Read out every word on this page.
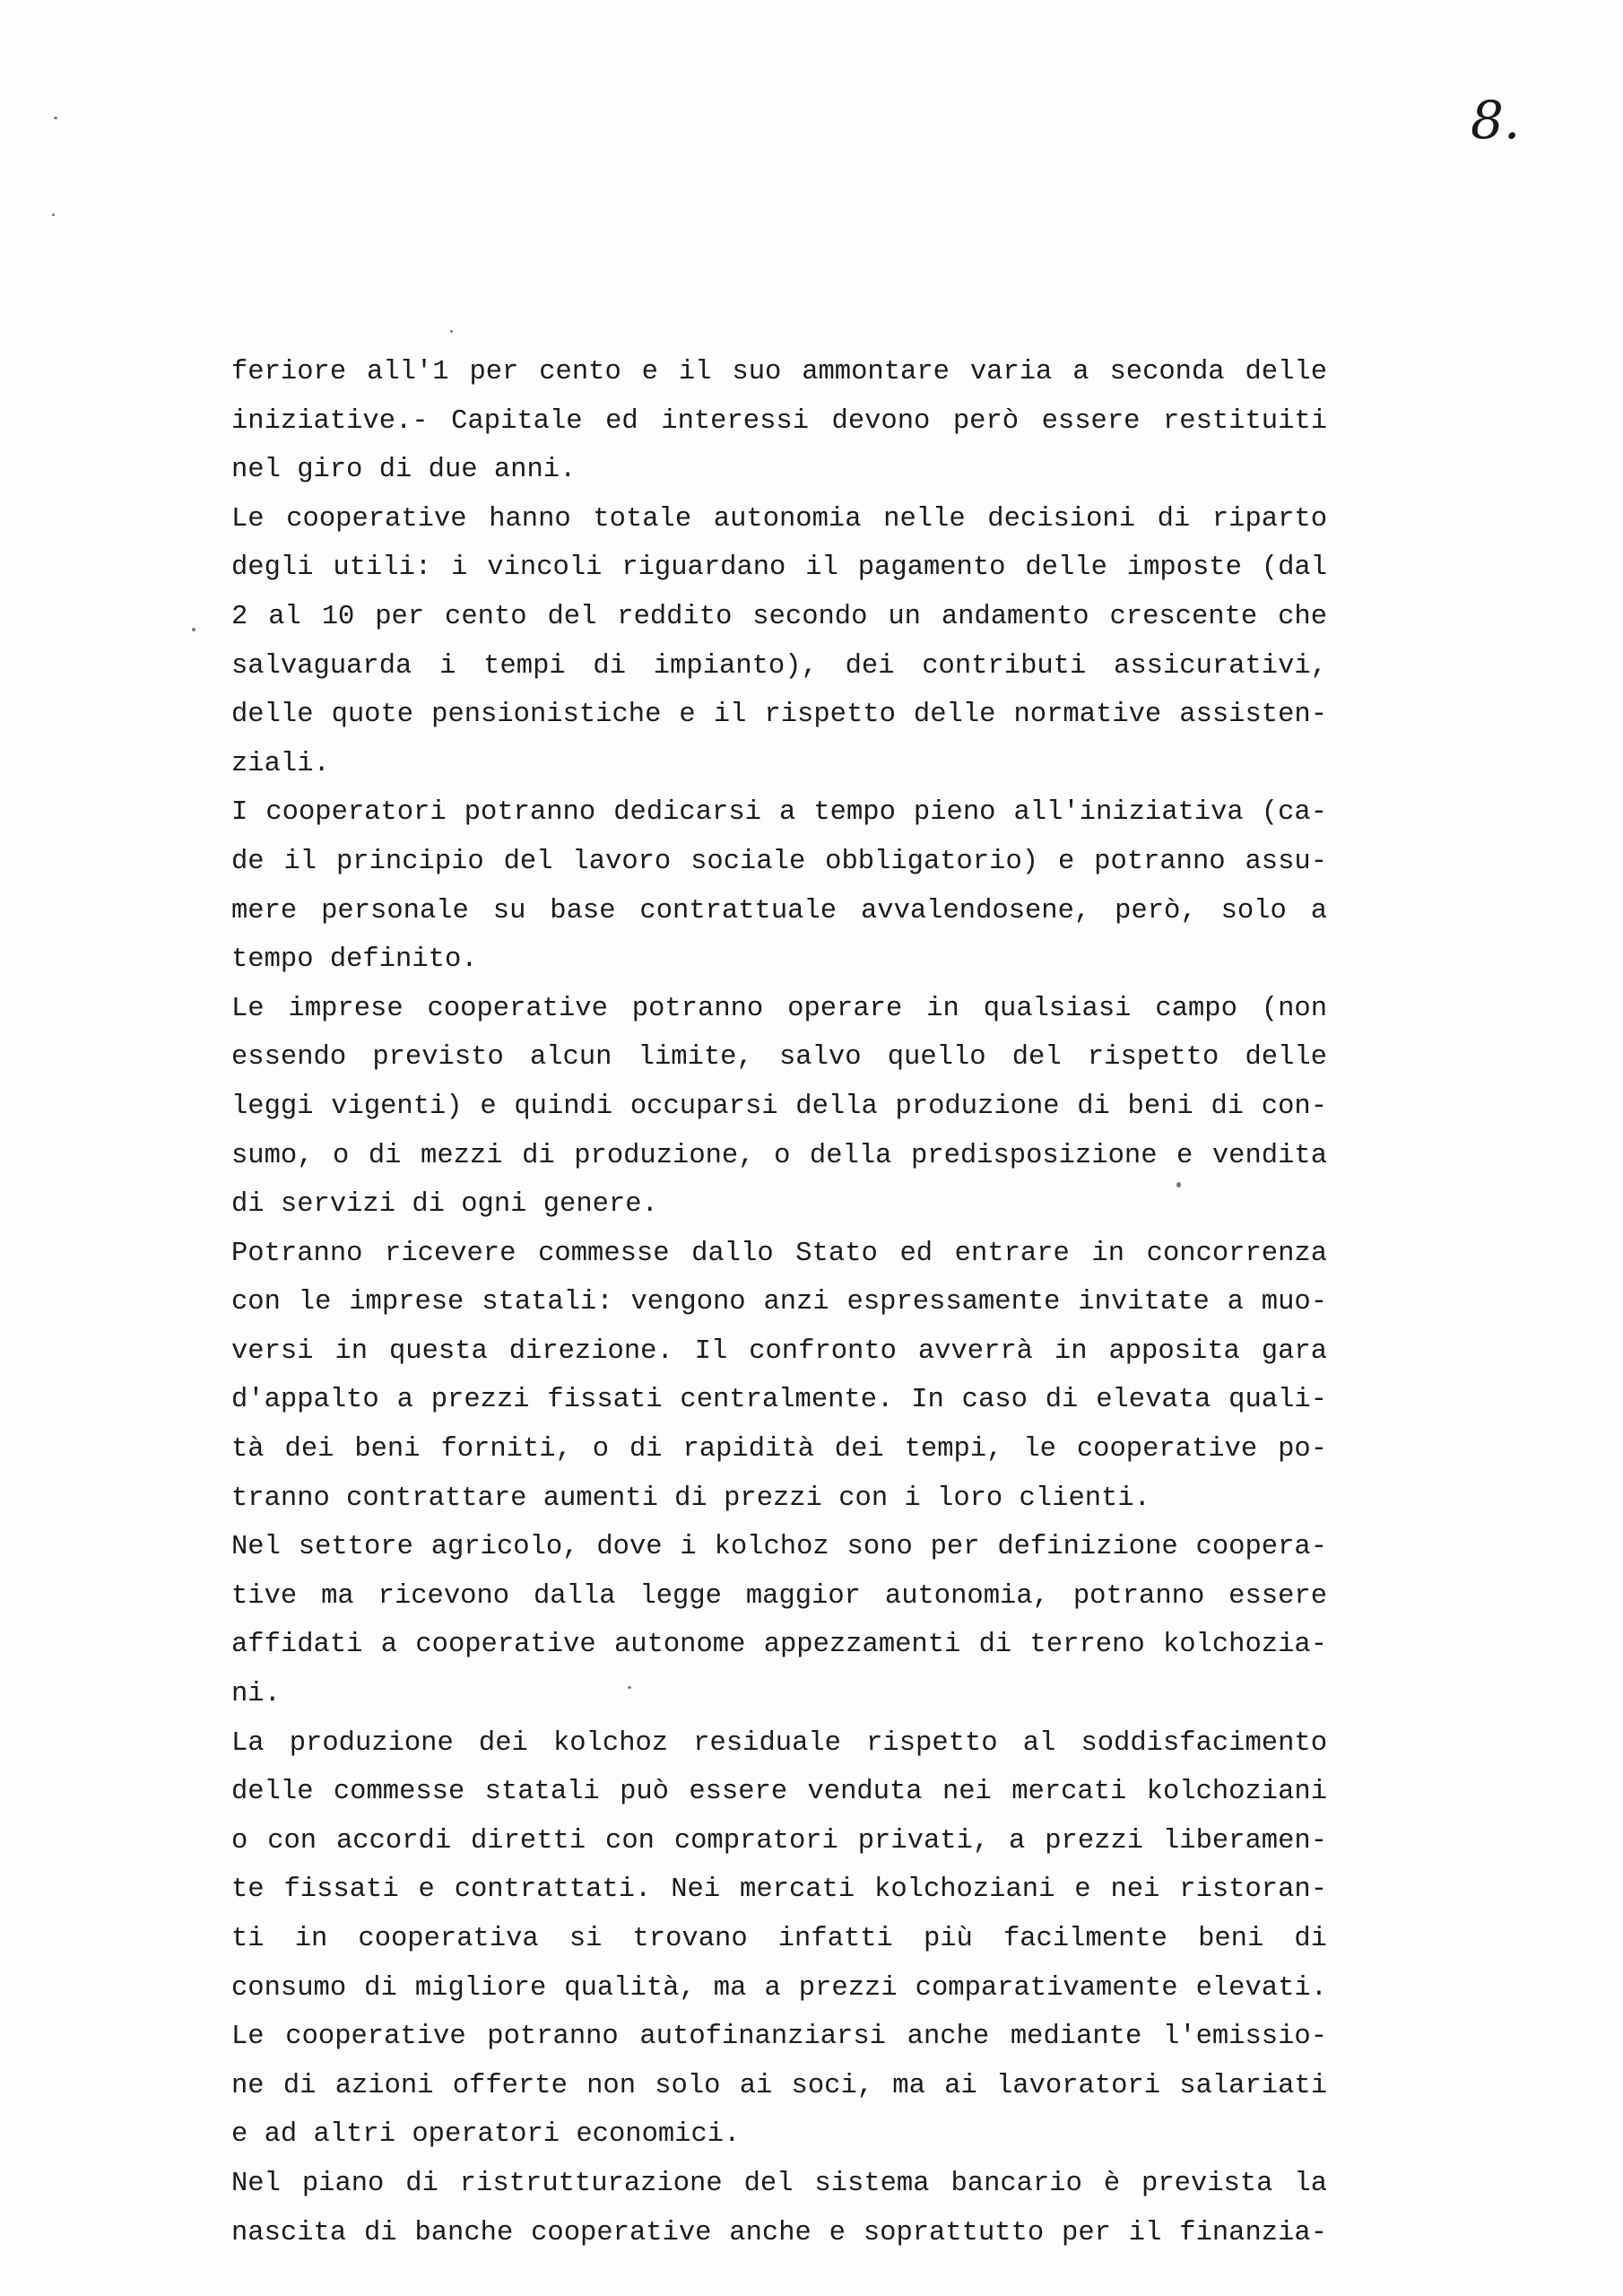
8.
feriore all'1 per cento e il suo ammontare varia a seconda delle
iniziative.- Capitale ed interessi devono però essere restituiti
nel giro di due anni.
Le cooperative hanno totale autonomia nelle decisioni di riparto
degli utili: i vincoli riguardano il pagamento delle imposte (dal
2 al 10 per cento del reddito secondo un andamento crescente che
salvaguarda i tempi di impianto), dei contributi assicurativi,
delle quote pensionistiche e il rispetto delle normative assisten-
ziali.
I cooperatori potranno dedicarsi a tempo pieno all'iniziativa (ca-
de il principio del lavoro sociale obbligatorio) e potranno assu-
mere personale su base contrattuale avvalendosene, però, solo a
tempo definito.
Le imprese cooperative potranno operare in qualsiasi campo (non
essendo previsto alcun limite, salvo quello del rispetto delle
leggi vigenti) e quindi occuparsi della produzione di beni di con-
sumo, o di mezzi di produzione, o della predisposizione e vendita
di servizi di ogni genere.
Potranno ricevere commesse dallo Stato ed entrare in concorrenza
con le imprese statali: vengono anzi espressamente invitate a muo-
versi in questa direzione. Il confronto avverrà in apposita gara
d'appalto a prezzi fissati centralmente. In caso di elevata quali-
tà dei beni forniti, o di rapidità dei tempi, le cooperative po-
tranno contrattare aumenti di prezzi con i loro clienti.
Nel settore agricolo, dove i kolchoz sono per definizione coopera-
tive ma ricevono dalla legge maggior autonomia, potranno essere
affidati a cooperative autonome appezzamenti di terreno kolchozia-
ni.
La produzione dei kolchoz residuale rispetto al soddisfacimento
delle commesse statali può essere venduta nei mercati kolchoziani
o con accordi diretti con compratori privati, a prezzi liberamen-
te fissati e contrattati. Nei mercati kolchoziani e nei ristoran-
ti in cooperativa si trovano infatti più facilmente beni di
consumo di migliore qualità, ma a prezzi comparativamente elevati.
Le cooperative potranno autofinanziarsi anche mediante l'emissio-
ne di azioni offerte non solo ai soci, ma ai lavoratori salariati
e ad altri operatori economici.
Nel piano di ristrutturazione del sistema bancario è prevista la
nascita di banche cooperative anche e soprattutto per il finanzia-
